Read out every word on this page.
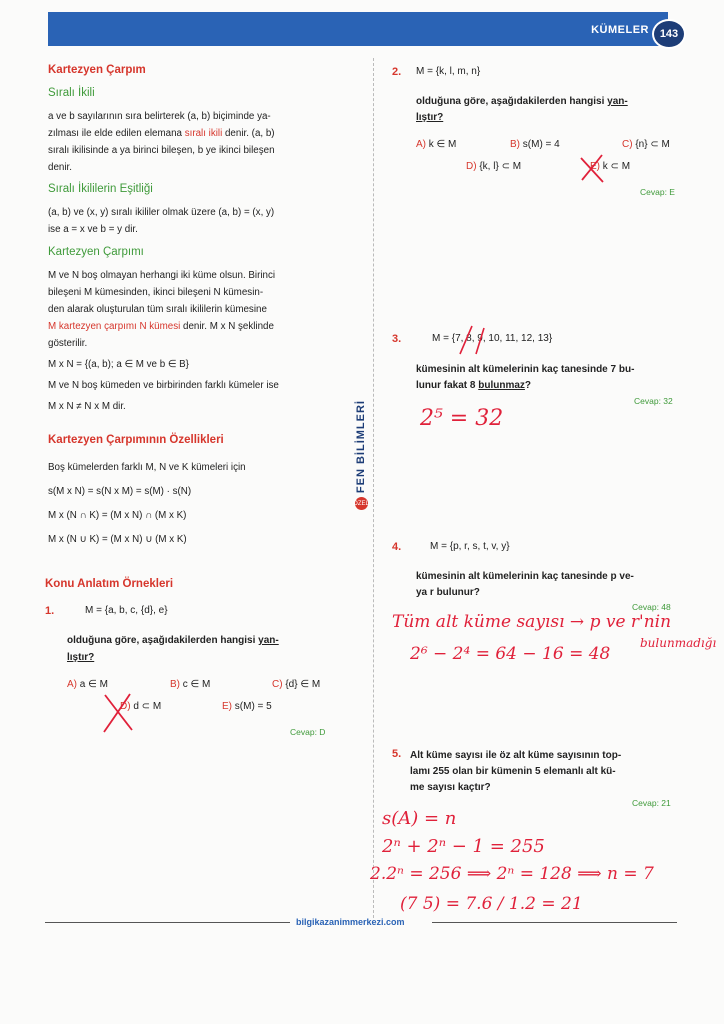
KÜMELER 143
FEN BİLİMLERİ
ÖZEL
Kartezyen Çarpım
Sıralı İkili
a ve b sayılarının sıra belirterek (a, b) biçiminde ya-
zılması ile elde edilen elemana sıralı ikili denir. (a, b)
sıralı ikilisinde a ya birinci bileşen, b ye ikinci bileşen
denir.
Sıralı İkililerin Eşitliği
(a, b) ve (x, y) sıralı ikililer olmak üzere (a, b) = (x, y)
ise a = x ve b = y dir.
Kartezyen Çarpımı
M ve N boş olmayan herhangi iki küme olsun. Birinci
bileşeni M kümesinden, ikinci bileşeni N kümesin-
den alarak oluşturulan tüm sıralı ikililerin kümesine
M kartezyen çarpımı N kümesi denir. M x N şeklinde
gösterilir.
M x N = {(a, b); a ∈ M ve b ∈ B}
M ve N boş kümeden ve birbirinden farklı kümeler ise
M x N ≠ N x M dir.
Kartezyen Çarpımının Özellikleri
Boş kümelerden farklı M, N ve K kümeleri için
s(M x N) = s(N x M) = s(M) · s(N)
M x (N ∩ K) = (M x N) ∩ (M x K)
M x (N ∪ K) = (M x N) ∪ (M x K)
Konu Anlatım Örnekleri
1.	M = {a, b, c, {d}, e}
olduğuna göre, aşağıdakilerden hangisi yan-
lıştır?
A) a ∈ M	B) c ∈ M	C) {d} ∈ M
D) d ⊂ M	E) s(M) = 5
Cevap: D
2. M = {k, l, m, n}
olduğuna göre, aşağıdakilerden hangisi yan-
lıştır?
A) k ∈ M	B) s(M) = 4	C) {n} ⊂ M
D) {k, l} ⊂ M	E) k ⊂ M
Cevap: E
3.	M = {7, 8, 9, 10, 11, 12, 13}
kümesinin alt kümelerinin kaç tanesinde 7 bu-
lunur fakat 8 bulunmaz?
Cevap: 32
2⁵ = 32
4.	M = {p, r, s, t, v, y}
kümesinin alt kümelerinin kaç tanesinde p ve-
ya r bulunur?
Cevap: 48
Tüm alt küme sayısı → p ve r'nin
2⁶ − 2⁴ = 64 − 16 = 48
bulunmadığı
5. Alt küme sayısı ile öz alt küme sayısının top-
lamı 255 olan bir kümenin 5 elemanlı alt kü-
me sayısı kaçtır?
Cevap: 21
s(A) = n
2ⁿ + 2ⁿ − 1 = 255
2.2ⁿ = 256 ⟹ 2ⁿ = 128 ⟹ n = 7
(7 5) = 7.6 / 1.2 = 21
bilgikazanimmerkezi.com
